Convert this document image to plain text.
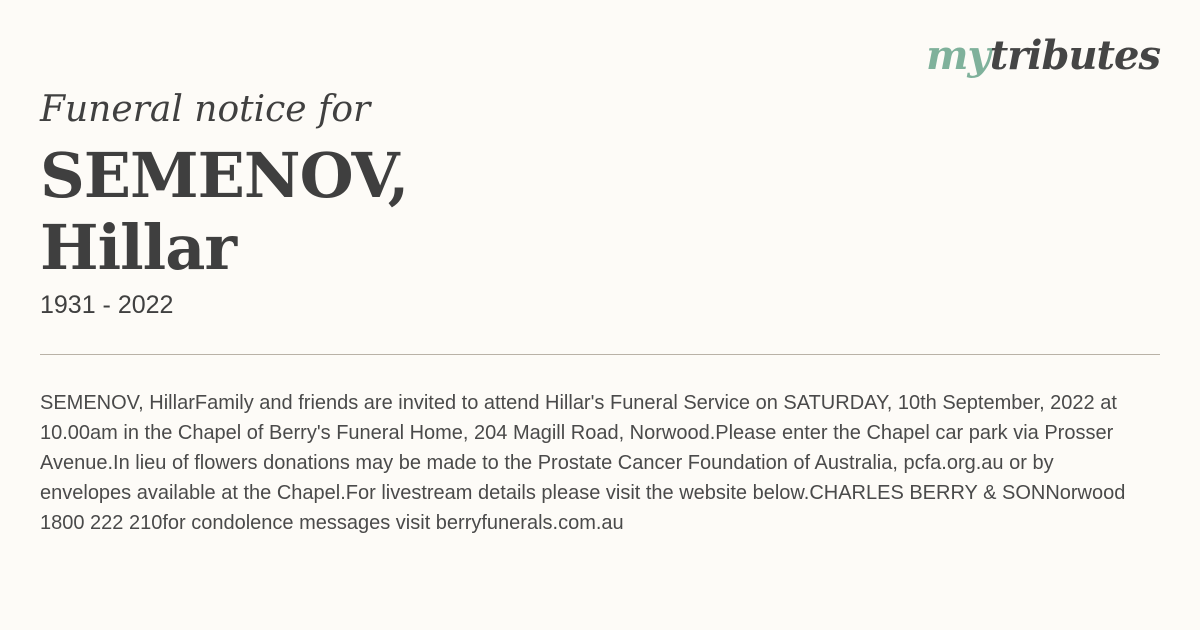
mytributes
Funeral notice for
SEMENOV,
Hillar
1931 - 2022

SEMENOV, HillarFamily and friends are invited to attend Hillar's Funeral Service on SATURDAY, 10th September, 2022 at 10.00am in the Chapel of Berry's Funeral Home, 204 Magill Road, Norwood.Please enter the Chapel car park via Prosser Avenue.In lieu of flowers donations may be made to the Prostate Cancer Foundation of Australia, pcfa.org.au or by envelopes available at the Chapel.For livestream details please visit the website below.CHARLES BERRY & SONNorwood 1800 222 210for condolence messages visit berryfunerals.com.au
